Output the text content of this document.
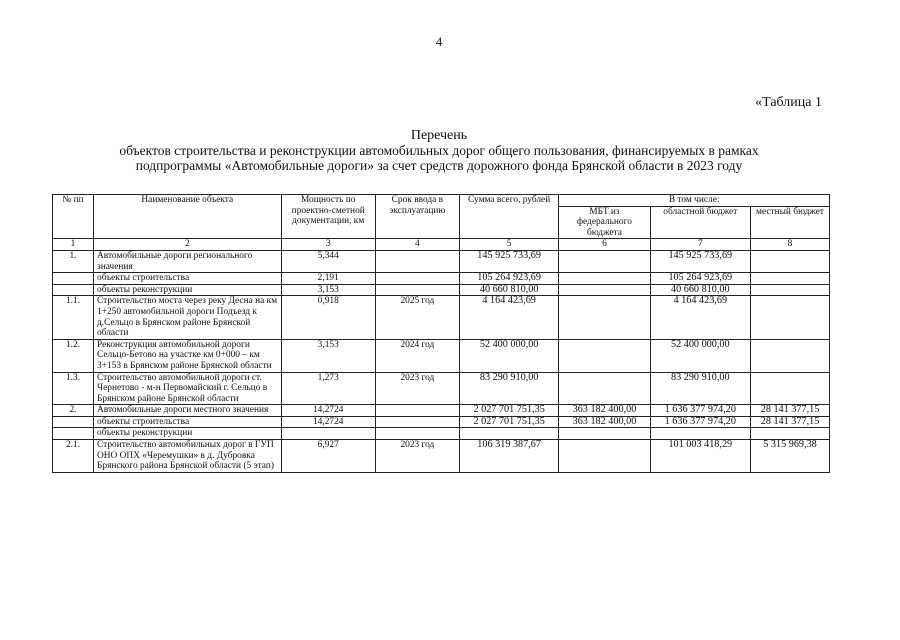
4
«Таблица 1
Перечень
объектов строительства и реконструкции автомобильных дорог общего пользования, финансируемых в рамках
подпрограммы «Автомобильные дороги» за счет средств дорожного фонда Брянской области в 2023 году
№ пп	Наименование объекта	Мощность по проектно-сметной документации, км	Срок ввода в эксплуатацию	Сумма всего, рублей	В том числе:		
					МБТ из федерального бюджета	областной бюджет	местный бюджет
1	2	3	4	5	6	7	8
1.	Автомобильные дороги регионального значения	5,344		145 925 733,69		145 925 733,69	
	объекты строительства	2,191		105 264 923,69		105 264 923,69	
	объекты реконструкции	3,153		40 660 810,00		40 660 810,00	
1.1.	Строительство моста через реку Десна на км 1+250 автомобильной дороги Подъезд к д.Сельцо в Брянском районе Брянской области	0,918	2025 год	4 164 423,69		4 164 423,69	
1.2.	Реконструкция автомобильной дороги Сельцо-Бетово на участке км 0+000 – км 3+153 в Брянском районе Брянской области	3,153	2024 год	52 400 000,00		52 400 000,00	
1.3.	Строительство автомобильной дороги ст. Чернетово - м-н Первомайский г. Сельцо в Брянском районе Брянской области	1,273	2023 год	83 290 910,00		83 290 910,00	
2.	Автомобильные дороги местного значения	14,2724		2 027 701 751,35	363 182 400,00	1 636 377 974,20	28 141 377,15
	объекты строительства	14,2724		2 027 701 751,35	363 182 400,00	1 636 377 974,20	28 141 377,15
	объекты реконструкции						
2.1.	Строительство автомобильных дорог в ГУП ОНО ОПХ «Черемушки» в д. Дубровка Брянского района Брянской области (5 этап)	6,927	2023 год	106 319 387,67		101 003 418,29	5 315 969,38
